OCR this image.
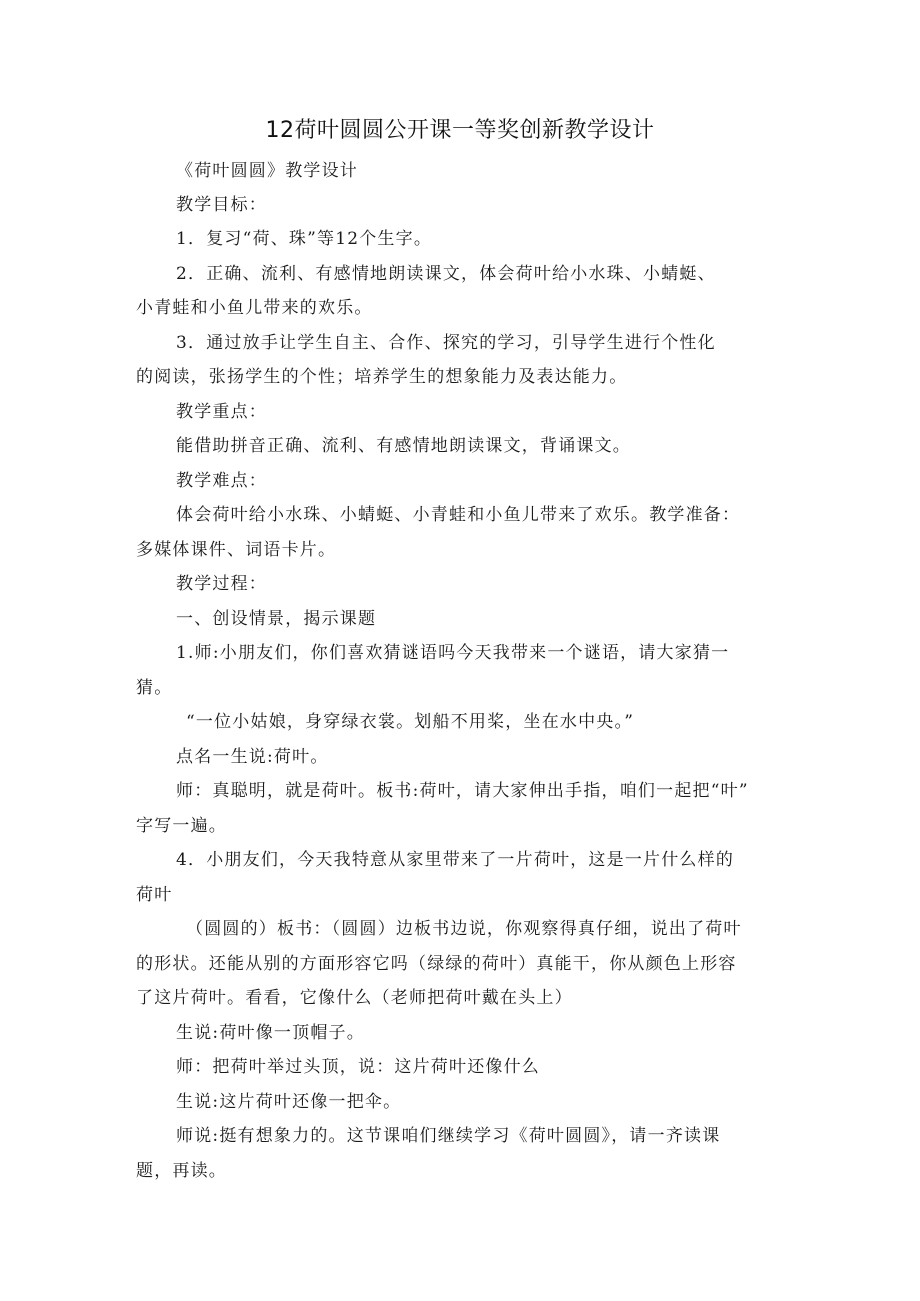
12荷叶圆圆公开课一等奖创新教学设计
《荷叶圆圆》教学设计
教学目标：
1．复习“荷、珠”等12个生字。
2．正确、流利、有感情地朗读课文，体会荷叶给小水珠、小蜻蜓、
小青蛙和小鱼儿带来的欢乐。
3．通过放手让学生自主、合作、探究的学习，引导学生进行个性化
的阅读，张扬学生的个性；培养学生的想象能力及表达能力。
教学重点：
能借助拼音正确、流利、有感情地朗读课文，背诵课文。
教学难点：
体会荷叶给小水珠、小蜻蜓、小青蛙和小鱼儿带来了欢乐。教学准备：
多媒体课件、词语卡片。
教学过程：
一、创设情景，揭示课题
1.师:小朋友们，你们喜欢猜谜语吗今天我带来一个谜语，请大家猜一
猜。
“一位小姑娘，身穿绿衣裳。划船不用桨，坐在水中央。”
点名一生说:荷叶。
师：真聪明，就是荷叶。板书:荷叶，请大家伸出手指，咱们一起把“叶”
字写一遍。
4．小朋友们，今天我特意从家里带来了一片荷叶，这是一片什么样的
荷叶
（圆圆的）板书：（圆圆）边板书边说，你观察得真仔细，说出了荷叶
的形状。还能从别的方面形容它吗（绿绿的荷叶）真能干，你从颜色上形容
了这片荷叶。看看，它像什么（老师把荷叶戴在头上）
生说:荷叶像一顶帽子。
师：把荷叶举过头顶，说：这片荷叶还像什么
生说:这片荷叶还像一把伞。
师说:挺有想象力的。这节课咱们继续学习《荷叶圆圆》，请一齐读课
题，再读。
